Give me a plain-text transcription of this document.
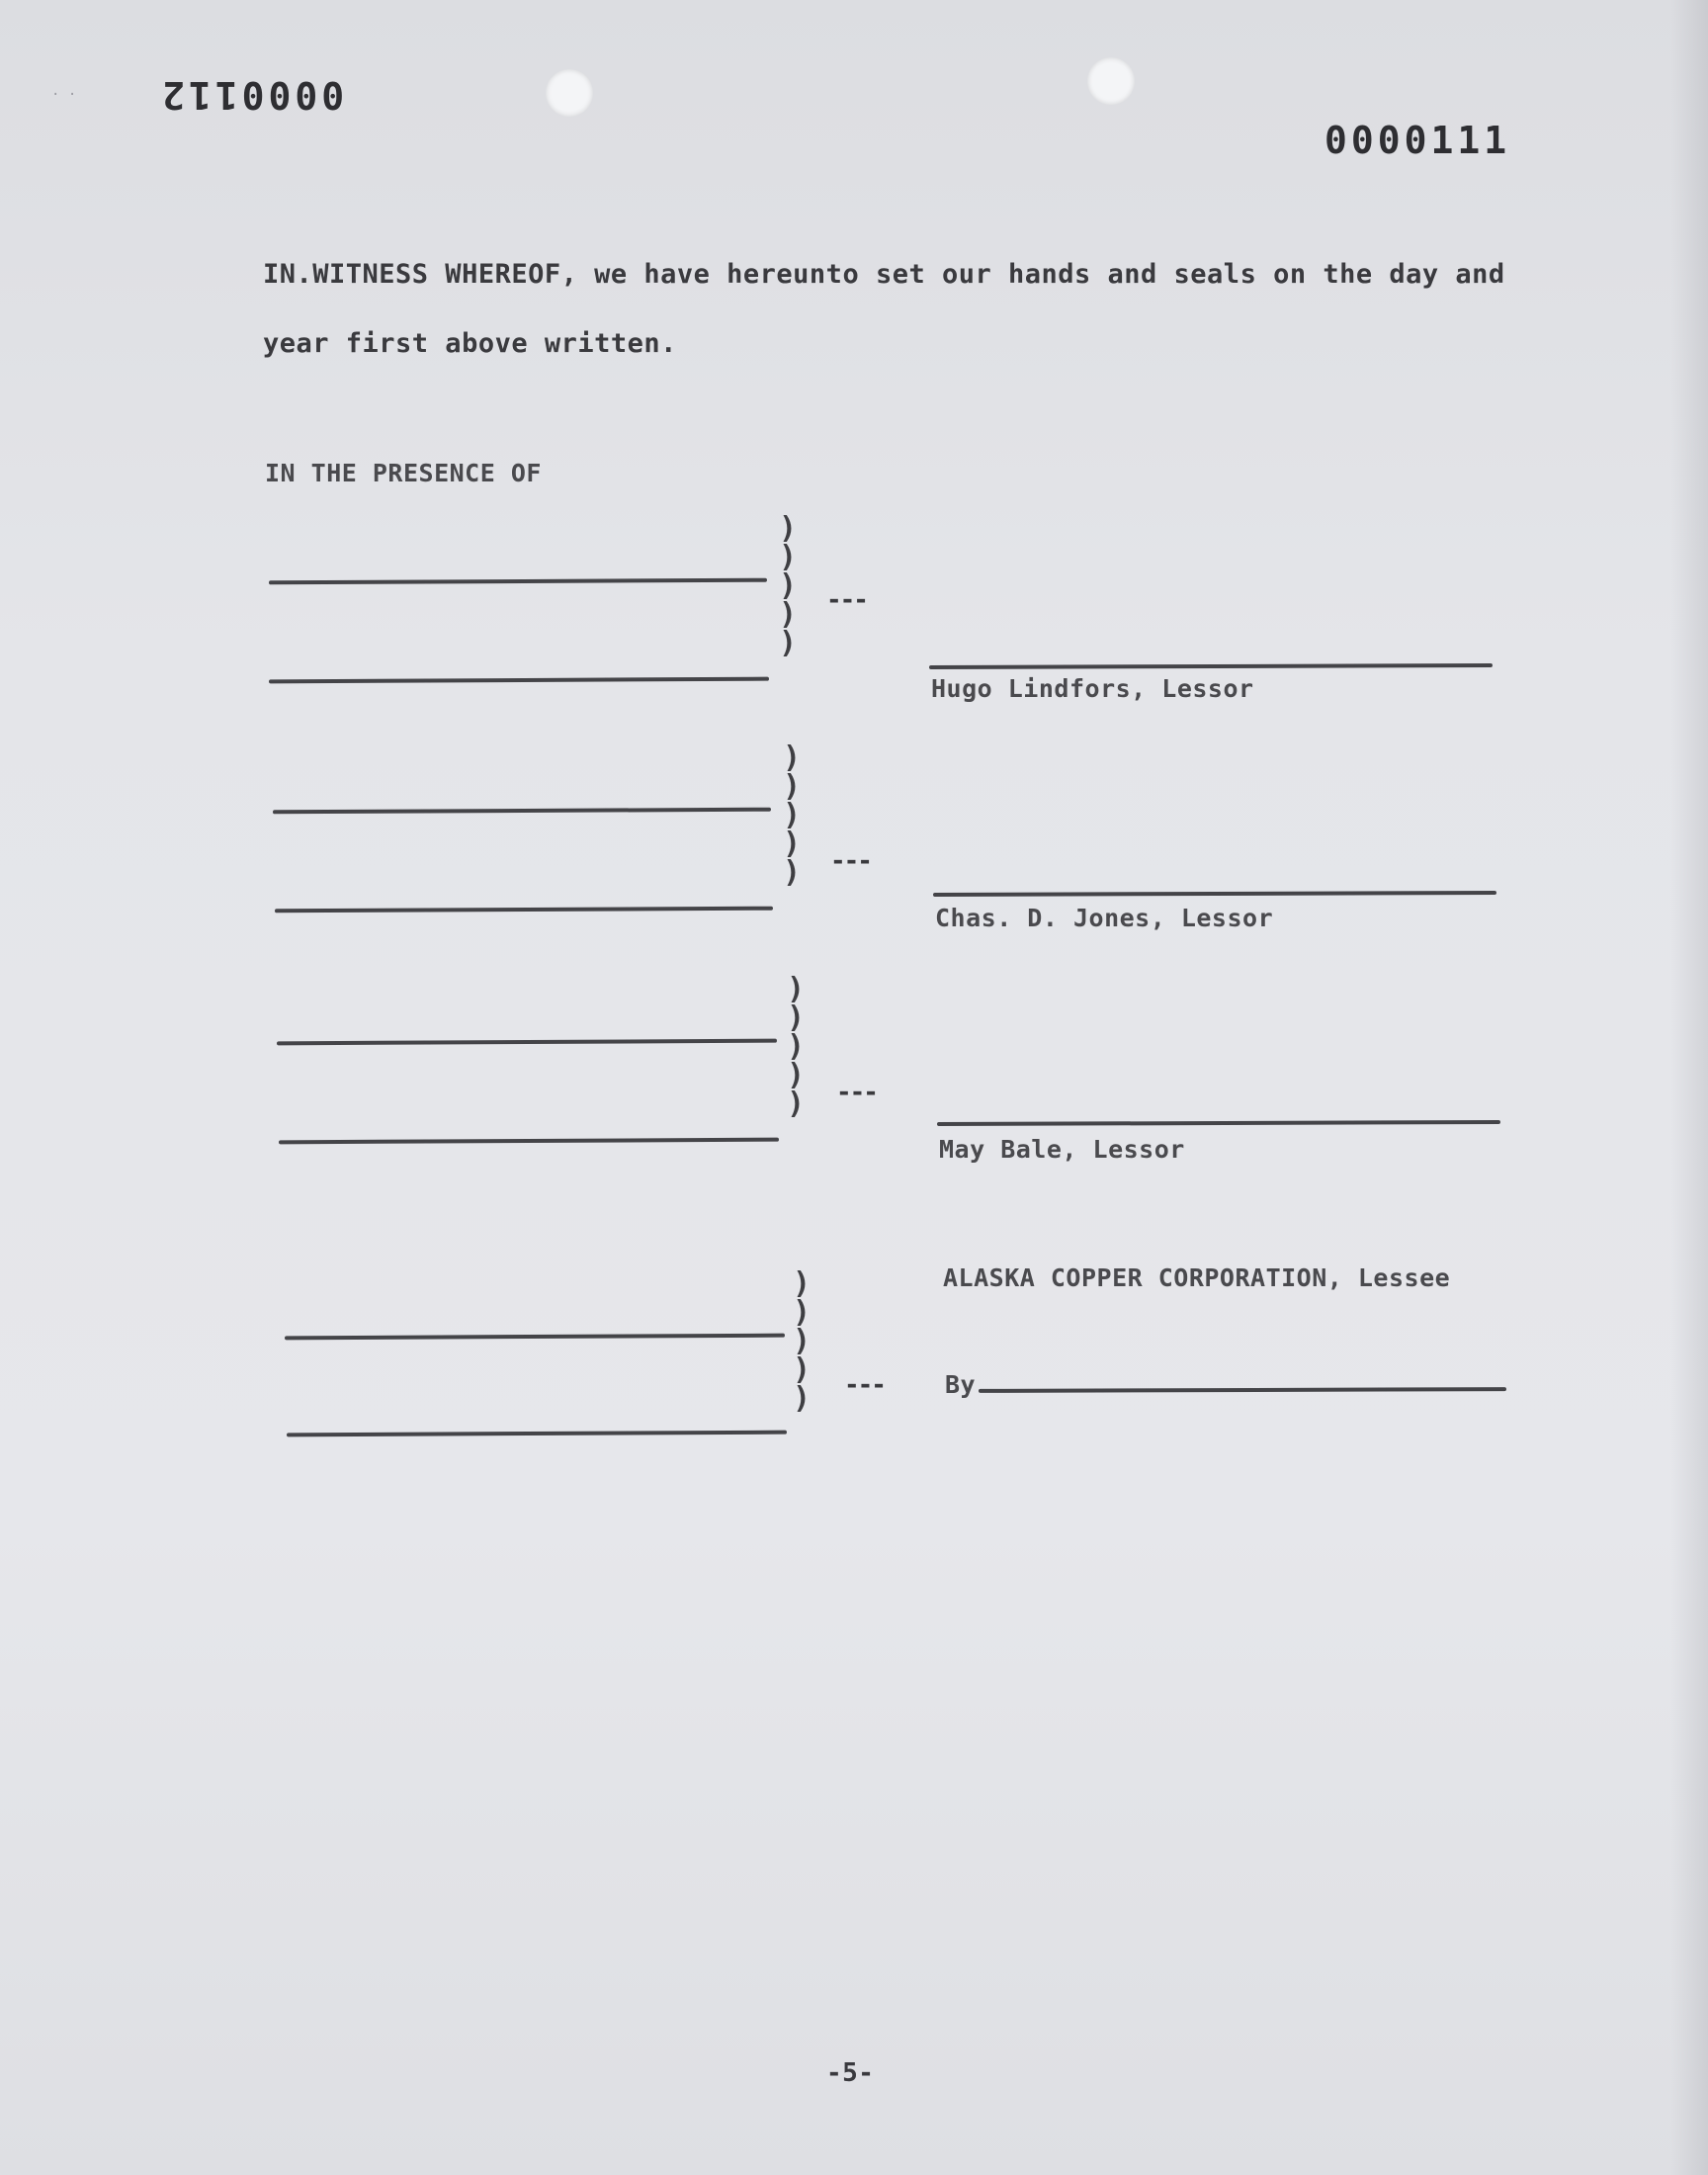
· · 0000112
0000111
IN.WITNESS WHEREOF, we have hereunto set our hands and seals on the day and
year first above written.
IN THE PRESENCE OF
)
)
)
)
)
---
Hugo Lindfors, Lessor
)
)
)
)
) ---
Chas. D. Jones, Lessor
)
)
)
)
) ---
May Bale, Lessor
ALASKA COPPER CORPORATION, Lessee
)
)
)
)
) --- By
-5-
